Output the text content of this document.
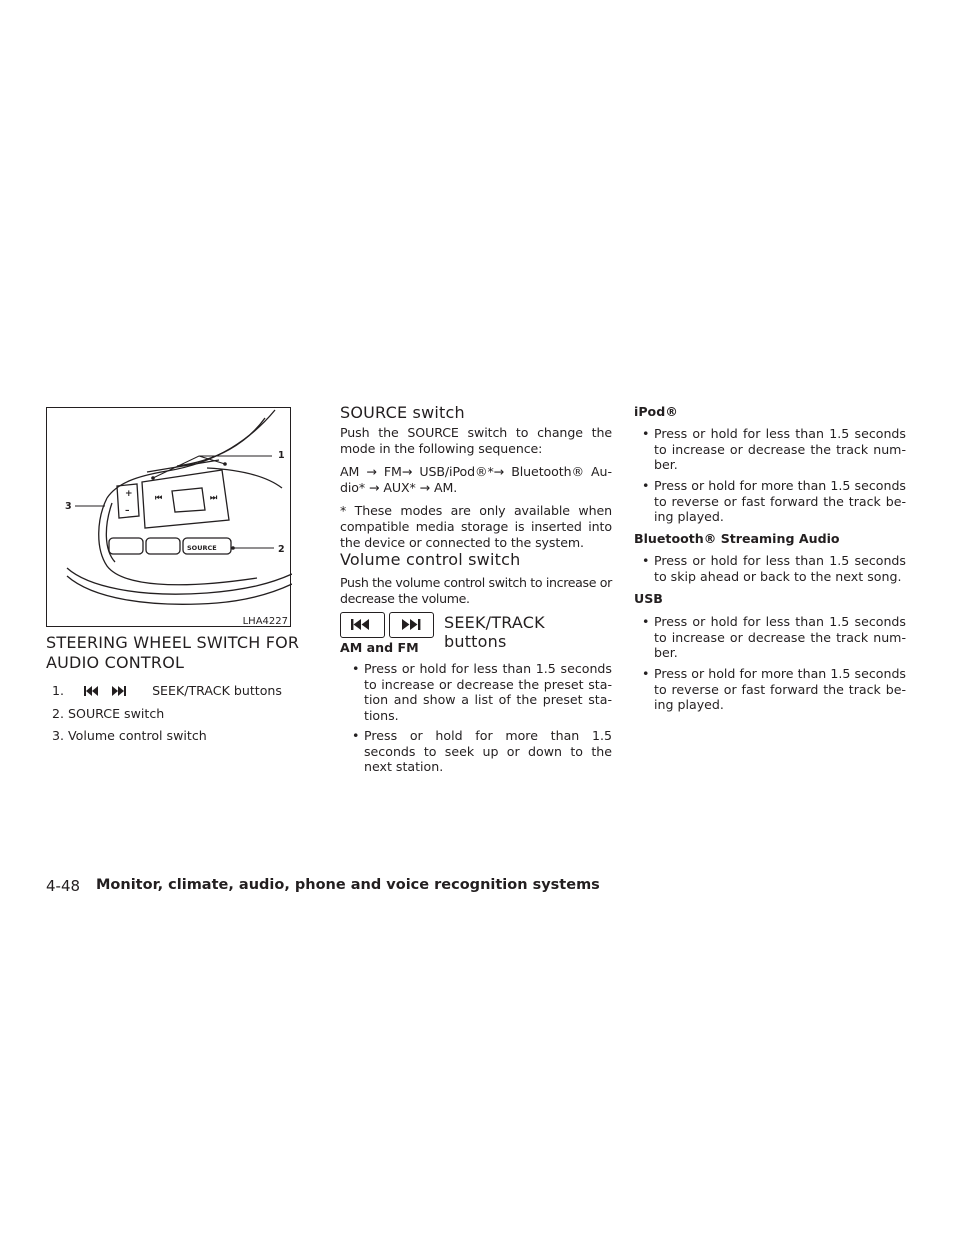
+
–
⏮	⏭
SOURCE
1
2
3
LHA4227
STEERING WHEEL SWITCH FOR
AUDIO CONTROL

1.	SEEK/TRACK buttons

2. SOURCE switch

3. Volume control switch

SOURCE switch

Push the SOURCE switch to change the mode in the following sequence:

AM → FM→ USB/iPod®*→ Bluetooth® Audio* → AUX* → AM.

* These modes are only available when compatible media storage is inserted into the device or connected to the system.

Volume control switch

Push the volume control switch to increase or decrease the volume.

SEEK/TRACK buttons

AM and FM

• Press or hold for less than 1.5 seconds to increase or decrease the preset station and show a list of the preset stations.

• Press or hold for more than 1.5 seconds to seek up or down to the next station.

iPod®

• Press or hold for less than 1.5 seconds to increase or decrease the track number.

• Press or hold for more than 1.5 seconds to reverse or fast forward the track being played.

Bluetooth® Streaming Audio

• Press or hold for less than 1.5 seconds to skip ahead or back to the next song.

USB

• Press or hold for less than 1.5 seconds to increase or decrease the track number.

• Press or hold for more than 1.5 seconds to reverse or fast forward the track being played.

4-48 Monitor, climate, audio, phone and voice recognition systems
